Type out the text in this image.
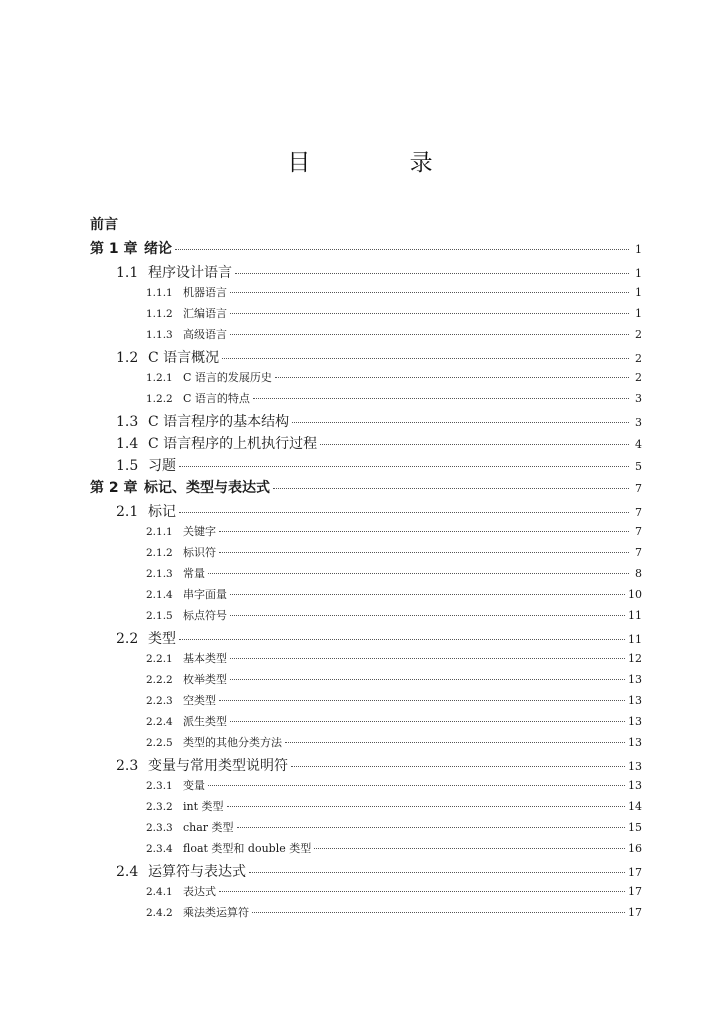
目 录
前言
第 1 章 绪论	1
1.1 程序设计语言	1
1.1.1 机器语言	1
1.1.2 汇编语言	1
1.1.3 高级语言	2
1.2 C 语言概况	2
1.2.1 C 语言的发展历史	2
1.2.2 C 语言的特点	3
1.3 C 语言程序的基本结构	3
1.4 C 语言程序的上机执行过程	4
1.5 习题	5
第 2 章 标记、类型与表达式	7
2.1 标记	7
2.1.1 关键字	7
2.1.2 标识符	7
2.1.3 常量	8
2.1.4 串字面量	10
2.1.5 标点符号	11
2.2 类型	11
2.2.1 基本类型	12
2.2.2 枚举类型	13
2.2.3 空类型	13
2.2.4 派生类型	13
2.2.5 类型的其他分类方法	13
2.3 变量与常用类型说明符	13
2.3.1 变量	13
2.3.2 int 类型	14
2.3.3 char 类型	15
2.3.4 float 类型和 double 类型	16
2.4 运算符与表达式	17
2.4.1 表达式	17
2.4.2 乘法类运算符	17
